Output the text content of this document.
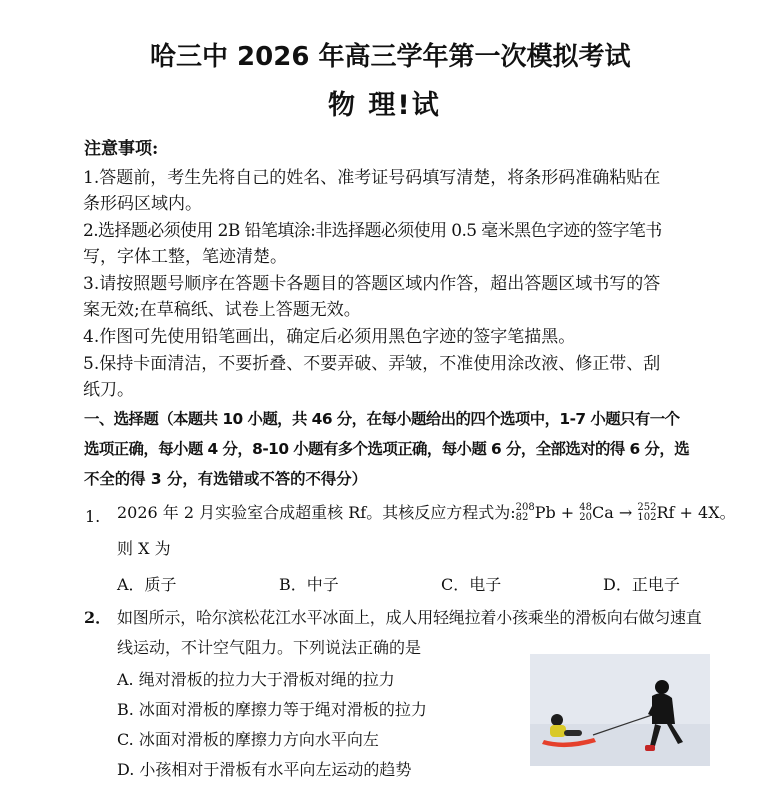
哈三中 2026 年高三学年第一次模拟考试
物 理!试
注意事项:
1.答题前，考生先将自己的姓名、准考证号码填写清楚，将条形码准确粘贴在
条形码区域内。
2.选择题必须使用 2B 铅笔填涂:非选择题必须使用 0.5 毫米黑色字迹的签字笔书
写，字体工整，笔迹清楚。
3.请按照题号顺序在答题卡各题目的答题区域内作答，超出答题区域书写的答
案无效;在草稿纸、试卷上答题无效。
4.作图可先使用铅笔画出，确定后必须用黑色字迹的签字笔描黑。
5.保持卡面清洁，不要折叠、不要弄破、弄皱，不准使用涂改液、修正带、刮
纸刀。
一、选择题（本题共 10 小题，共 46 分，在每小题给出的四个选项中，1-7 小题只有一个
选项正确，每小题 4 分，8-10 小题有多个选项正确，每小题 6 分，全部选对的得 6 分，选
不全的得 3 分，有选错或不答的不得分）
1. 2026 年 2 月实验室合成超重核 Rf。其核反应方程式为: 208
82 Pb + 48
20 Ca → 252
102 Rf + 4X。
则 X 为
A．质子	B．中子	C．电子	D．正电子
2． 如图所示，哈尔滨松花江水平冰面上，成人用轻绳拉着小孩乘坐的滑板向右做匀速直
线运动，不计空气阻力。下列说法正确的是
A. 绳对滑板的拉力大于滑板对绳的拉力
B. 冰面对滑板的摩擦力等于绳对滑板的拉力
C. 冰面对滑板的摩擦力方向水平向左
D. 小孩相对于滑板有水平向左运动的趋势
